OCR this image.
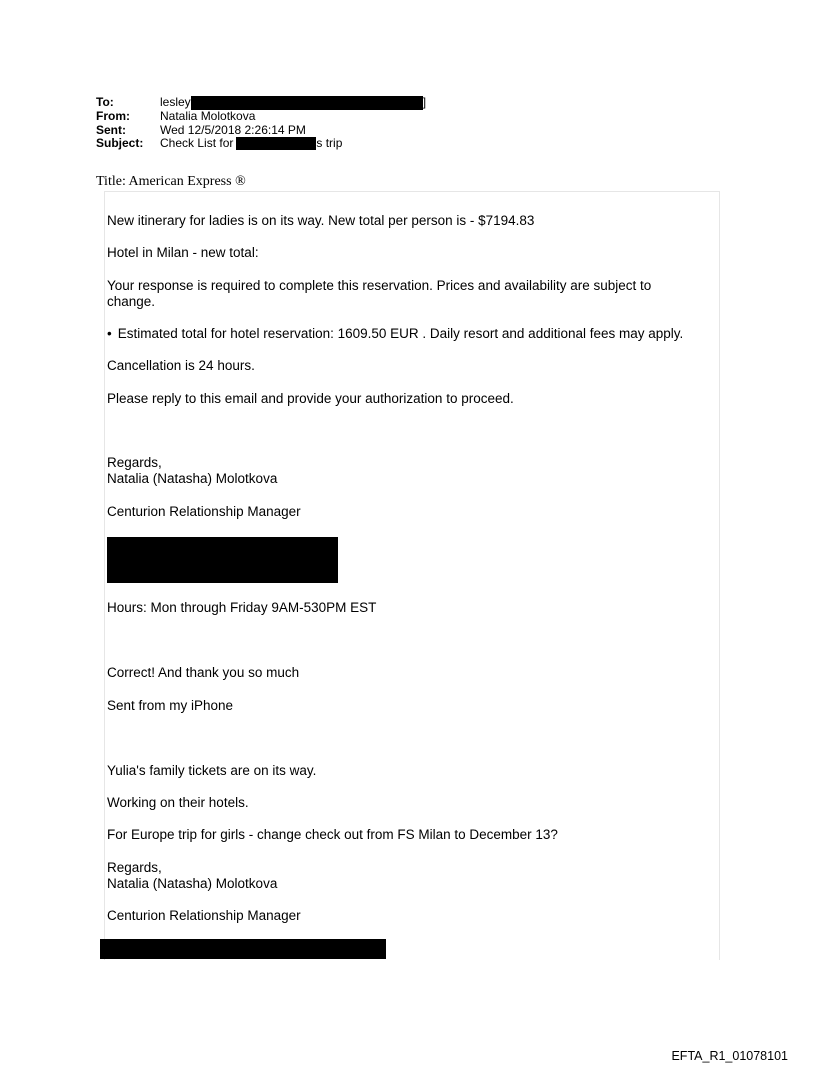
To:	lesley	]
From:	Natalia Molotkova
Sent:	Wed 12/5/2018 2:26:14 PM
Subject:	Check List for	s trip
Title: American Express ®
New itinerary for ladies is on its way. New total per person is - $7194.83
Hotel in Milan - new total:
Your response is required to complete this reservation. Prices and availability are subject to change.
• Estimated total for hotel reservation: 1609.50 EUR . Daily resort and additional fees may apply.
Cancellation is 24 hours.
Please reply to this email and provide your authorization to proceed.
Regards,
Natalia (Natasha) Molotkova
Centurion Relationship Manager
Hours: Mon through Friday 9AM-530PM EST
Correct! And thank you so much
Sent from my iPhone
Yulia's family tickets are on its way.
Working on their hotels.
For Europe trip for girls - change check out from FS Milan to December 13?
Regards,
Natalia (Natasha) Molotkova
Centurion Relationship Manager
EFTA_R1_01078101
